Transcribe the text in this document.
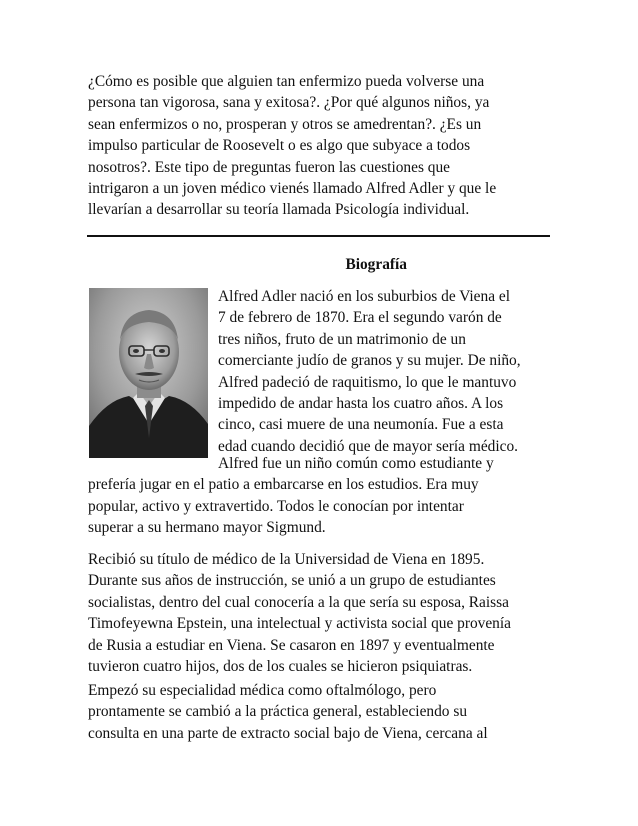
¿Cómo es posible que alguien tan enfermizo pueda volverse una
persona tan vigorosa, sana y exitosa?. ¿Por qué algunos niños, ya
sean enfermizos o no, prosperan y otros se amedrentan?. ¿Es un
impulso particular de Roosevelt o es algo que subyace a todos
nosotros?. Este tipo de preguntas fueron las cuestiones que
intrigaron a un joven médico vienés llamado Alfred Adler y que le
llevarían a desarrollar su teoría llamada Psicología individual.
Biografía
Alfred Adler nació en los suburbios de Viena el
7 de febrero de 1870. Era el segundo varón de
tres niños, fruto de un matrimonio de un
comerciante judío de granos y su mujer. De niño,
Alfred padeció de raquitismo, lo que le mantuvo
impedido de andar hasta los cuatro años. A los
cinco, casi muere de una neumonía. Fue a esta
edad cuando decidió que de mayor sería médico.
Alfred fue un niño común como estudiante y
prefería jugar en el patio a embarcarse en los estudios. Era muy
popular, activo y extravertido. Todos le conocían por intentar
superar a su hermano mayor Sigmund.
Recibió su título de médico de la Universidad de Viena en 1895.
Durante sus años de instrucción, se unió a un grupo de estudiantes
socialistas, dentro del cual conocería a la que sería su esposa, Raissa
Timofeyewna Epstein, una intelectual y activista social que provenía
de Rusia a estudiar en Viena. Se casaron en 1897 y eventualmente
tuvieron cuatro hijos, dos de los cuales se hicieron psiquiatras.
Empezó su especialidad médica como oftalmólogo, pero
prontamente se cambió a la práctica general, estableciendo su
consulta en una parte de extracto social bajo de Viena, cercana al
